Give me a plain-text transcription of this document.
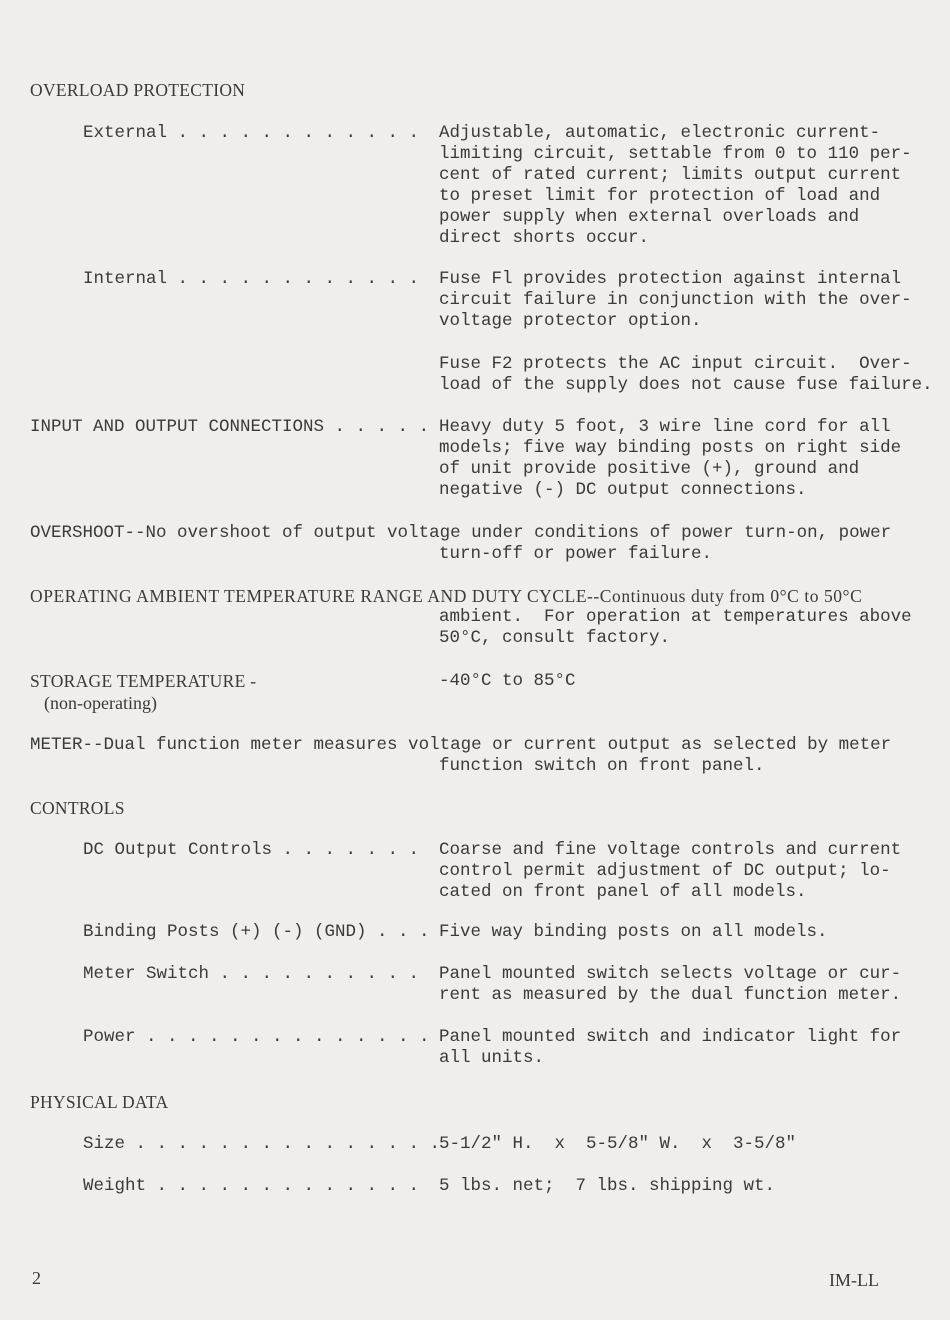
OVERLOAD PROTECTION
External . . . . . . . . . . . . Adjustable, automatic, electronic current-
limiting circuit, settable from 0 to 110 per-
cent of rated current; limits output current
to preset limit for protection of load and
power supply when external overloads and
direct shorts occur.
Internal . . . . . . . . . . . . Fuse Fl provides protection against internal
circuit failure in conjunction with the over-
voltage protector option.
Fuse F2 protects the AC input circuit.  Over-
load of the supply does not cause fuse failure.
INPUT AND OUTPUT CONNECTIONS . . . . . Heavy duty 5 foot, 3 wire line cord for all
models; five way binding posts on right side
of unit provide positive (+), ground and
negative (-) DC output connections.
OVERSHOOT--No overshoot of output voltage under conditions of power turn-on, power
turn-off or power failure.
OPERATING AMBIENT TEMPERATURE RANGE AND DUTY CYCLE--Continuous duty from 0°C to 50°C
ambient.  For operation at temperatures above
50°C, consult factory.
STORAGE TEMPERATURE -
(non-operating)
-40°C to 85°C
METER--Dual function meter measures voltage or current output as selected by meter
function switch on front panel.
CONTROLS
DC Output Controls . . . . . . . Coarse and fine voltage controls and current
control permit adjustment of DC output; lo-
cated on front panel of all models.
Binding Posts (+) (-) (GND) . . . Five way binding posts on all models.
Meter Switch . . . . . . . . . . Panel mounted switch selects voltage or cur-
rent as measured by the dual function meter.
Power . . . . . . . . . . . . . . Panel mounted switch and indicator light for
all units.
PHYSICAL DATA
Size . . . . . . . . . . . . . . .
5-1/2" H.  x  5-5/8" W.  x  3-5/8"
Weight . . . . . . . . . . . . . 5 lbs. net;  7 lbs. shipping wt.
2	IM-LL
